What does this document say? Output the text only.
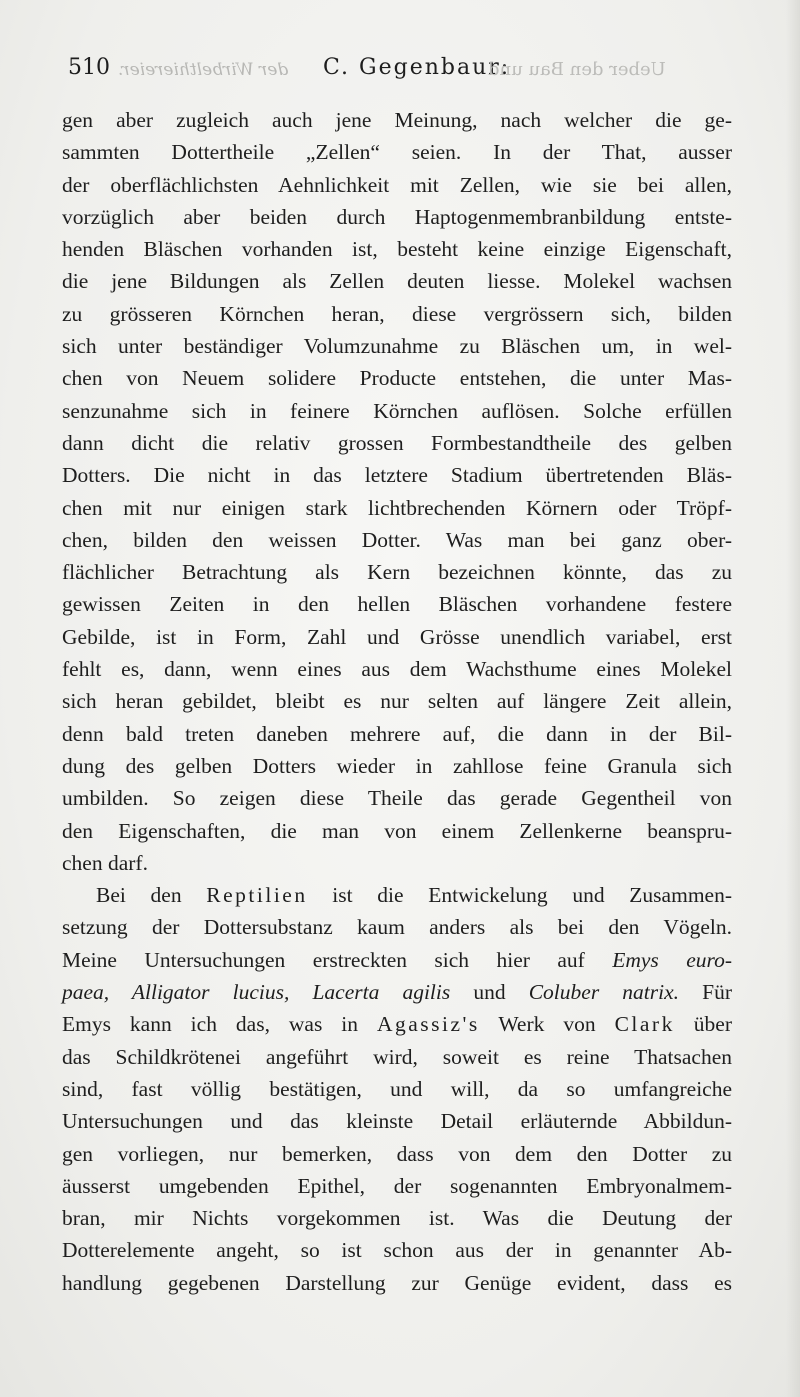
der Wirbelthiereier.
510	C. Gegenbaur:
Ueber den Bau und
gen aber zugleich auch jene Meinung, nach welcher die ge-
sammten Dottertheile „Zellen“ seien. In der That, ausser
der oberflächlichsten Aehnlichkeit mit Zellen, wie sie bei allen,
vorzüglich aber beiden durch Haptogenmembranbildung entste-
henden Bläschen vorhanden ist, besteht keine einzige Eigenschaft,
die jene Bildungen als Zellen deuten liesse. Molekel wachsen
zu grösseren Körnchen heran, diese vergrössern sich, bilden
sich unter beständiger Volumzunahme zu Bläschen um, in wel-
chen von Neuem solidere Producte entstehen, die unter Mas-
senzunahme sich in feinere Körnchen auflösen. Solche erfüllen
dann dicht die relativ grossen Formbestandtheile des gelben
Dotters. Die nicht in das letztere Stadium übertretenden Bläs-
chen mit nur einigen stark lichtbrechenden Körnern oder Tröpf-
chen, bilden den weissen Dotter. Was man bei ganz ober-
flächlicher Betrachtung als Kern bezeichnen könnte, das zu
gewissen Zeiten in den hellen Bläschen vorhandene festere
Gebilde, ist in Form, Zahl und Grösse unendlich variabel, erst
fehlt es, dann, wenn eines aus dem Wachsthume eines Molekel
sich heran gebildet, bleibt es nur selten auf längere Zeit allein,
denn bald treten daneben mehrere auf, die dann in der Bil-
dung des gelben Dotters wieder in zahllose feine Granula sich
umbilden. So zeigen diese Theile das gerade Gegentheil von
den Eigenschaften, die man von einem Zellenkerne beanspru-
chen darf.
Bei den Reptilien ist die Entwickelung und Zusammen-
setzung der Dottersubstanz kaum anders als bei den Vögeln.
Meine Untersuchungen erstreckten sich hier auf Emys euro-
paea, Alligator lucius, Lacerta agilis und Coluber natrix. Für
Emys kann ich das, was in Agassiz's Werk von Clark über
das Schildkrötenei angeführt wird, soweit es reine Thatsachen
sind, fast völlig bestätigen, und will, da so umfangreiche
Untersuchungen und das kleinste Detail erläuternde Abbildun-
gen vorliegen, nur bemerken, dass von dem den Dotter zu
äusserst umgebenden Epithel, der sogenannten Embryonalmem-
bran, mir Nichts vorgekommen ist. Was die Deutung der
Dotterelemente angeht, so ist schon aus der in genannter Ab-
handlung gegebenen Darstellung zur Genüge evident, dass es
